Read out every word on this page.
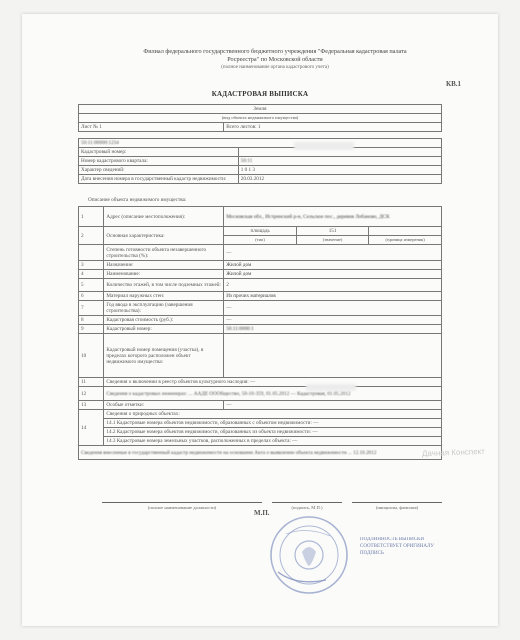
Филиал федерального государственного бюджетного учреждения "Федеральная кадастровая палата
Росреестра" по Московской области
(полное наименование органа кадастрового учета)
КВ.1
КАДАСТРОВАЯ ВЫПИСКА
Земля
(вид объекта недвижимого имущества)
Лист № 1	Всего листов: 1
50:11:00000:1234	
Кадастровый номер:	
Номер кадастрового квартала:	50:11
Характер сведений:	1 0 1 3
Дата внесения номера в государственный кадастр недвижимости:	20.03.2012
Описание объекта недвижимого имущества:
1	Адрес (описание местоположения):	Московская обл., Истринский р-н, Сельское пос., деревня Лобаново, ДСК
2	Основная характеристика:	
площадь	151	
(тип)	(значение)	(единица измерения)

	Степень готовности объекта незавершенного строительства (%):	—
3	Назначение:	Жилой дом
4	Наименование:	Жилой дом
5	Количество этажей, в том числе подземных этажей:	2
6	Материал наружных стен:	Из прочих материалов
7	Год ввода в эксплуатацию (завершения строительства):	—
8	Кадастровая стоимость (руб.):	—
9	Кадастровый номер:	50:11:0000:1
10	Кадастровый номер помещения (участка), в пределах которого расположен объект недвижимого имущества:	
11	Сведения о включении в реестр объектов культурного наследия: —
12	Сведения о кадастровых инженерах: ... ААДЕ ОООбщество, 50-10-359, 01.05.2012 — Кадастровая, 01.05.2012
13	Особые отметки:	—
14	Сведения о природных объектах:
14.1 Кадастровые номера объектов недвижимости, образованных с объектом недвижимости: —
14.2 Кадастровые номера объектов недвижимости, образованных из объекта недвижимости: —
14.3 Кадастровые номера земельных участков, расположенных в пределах объекта: —
Сведения внесенные в государственный кадастр недвижимости на основании Акта о выявлении объекта недвижимости ... 12.10.2012
(полное наименование должности)	(подпись, М.П.)	(инициалы, фамилия)
М.П.
ПОДЛИННОСТЬ ВЫПИСКИ
СООТВЕТСТВУЕТ ОРИГИНАЛУ
ПОДПИСЬ
Дачная Конспект
